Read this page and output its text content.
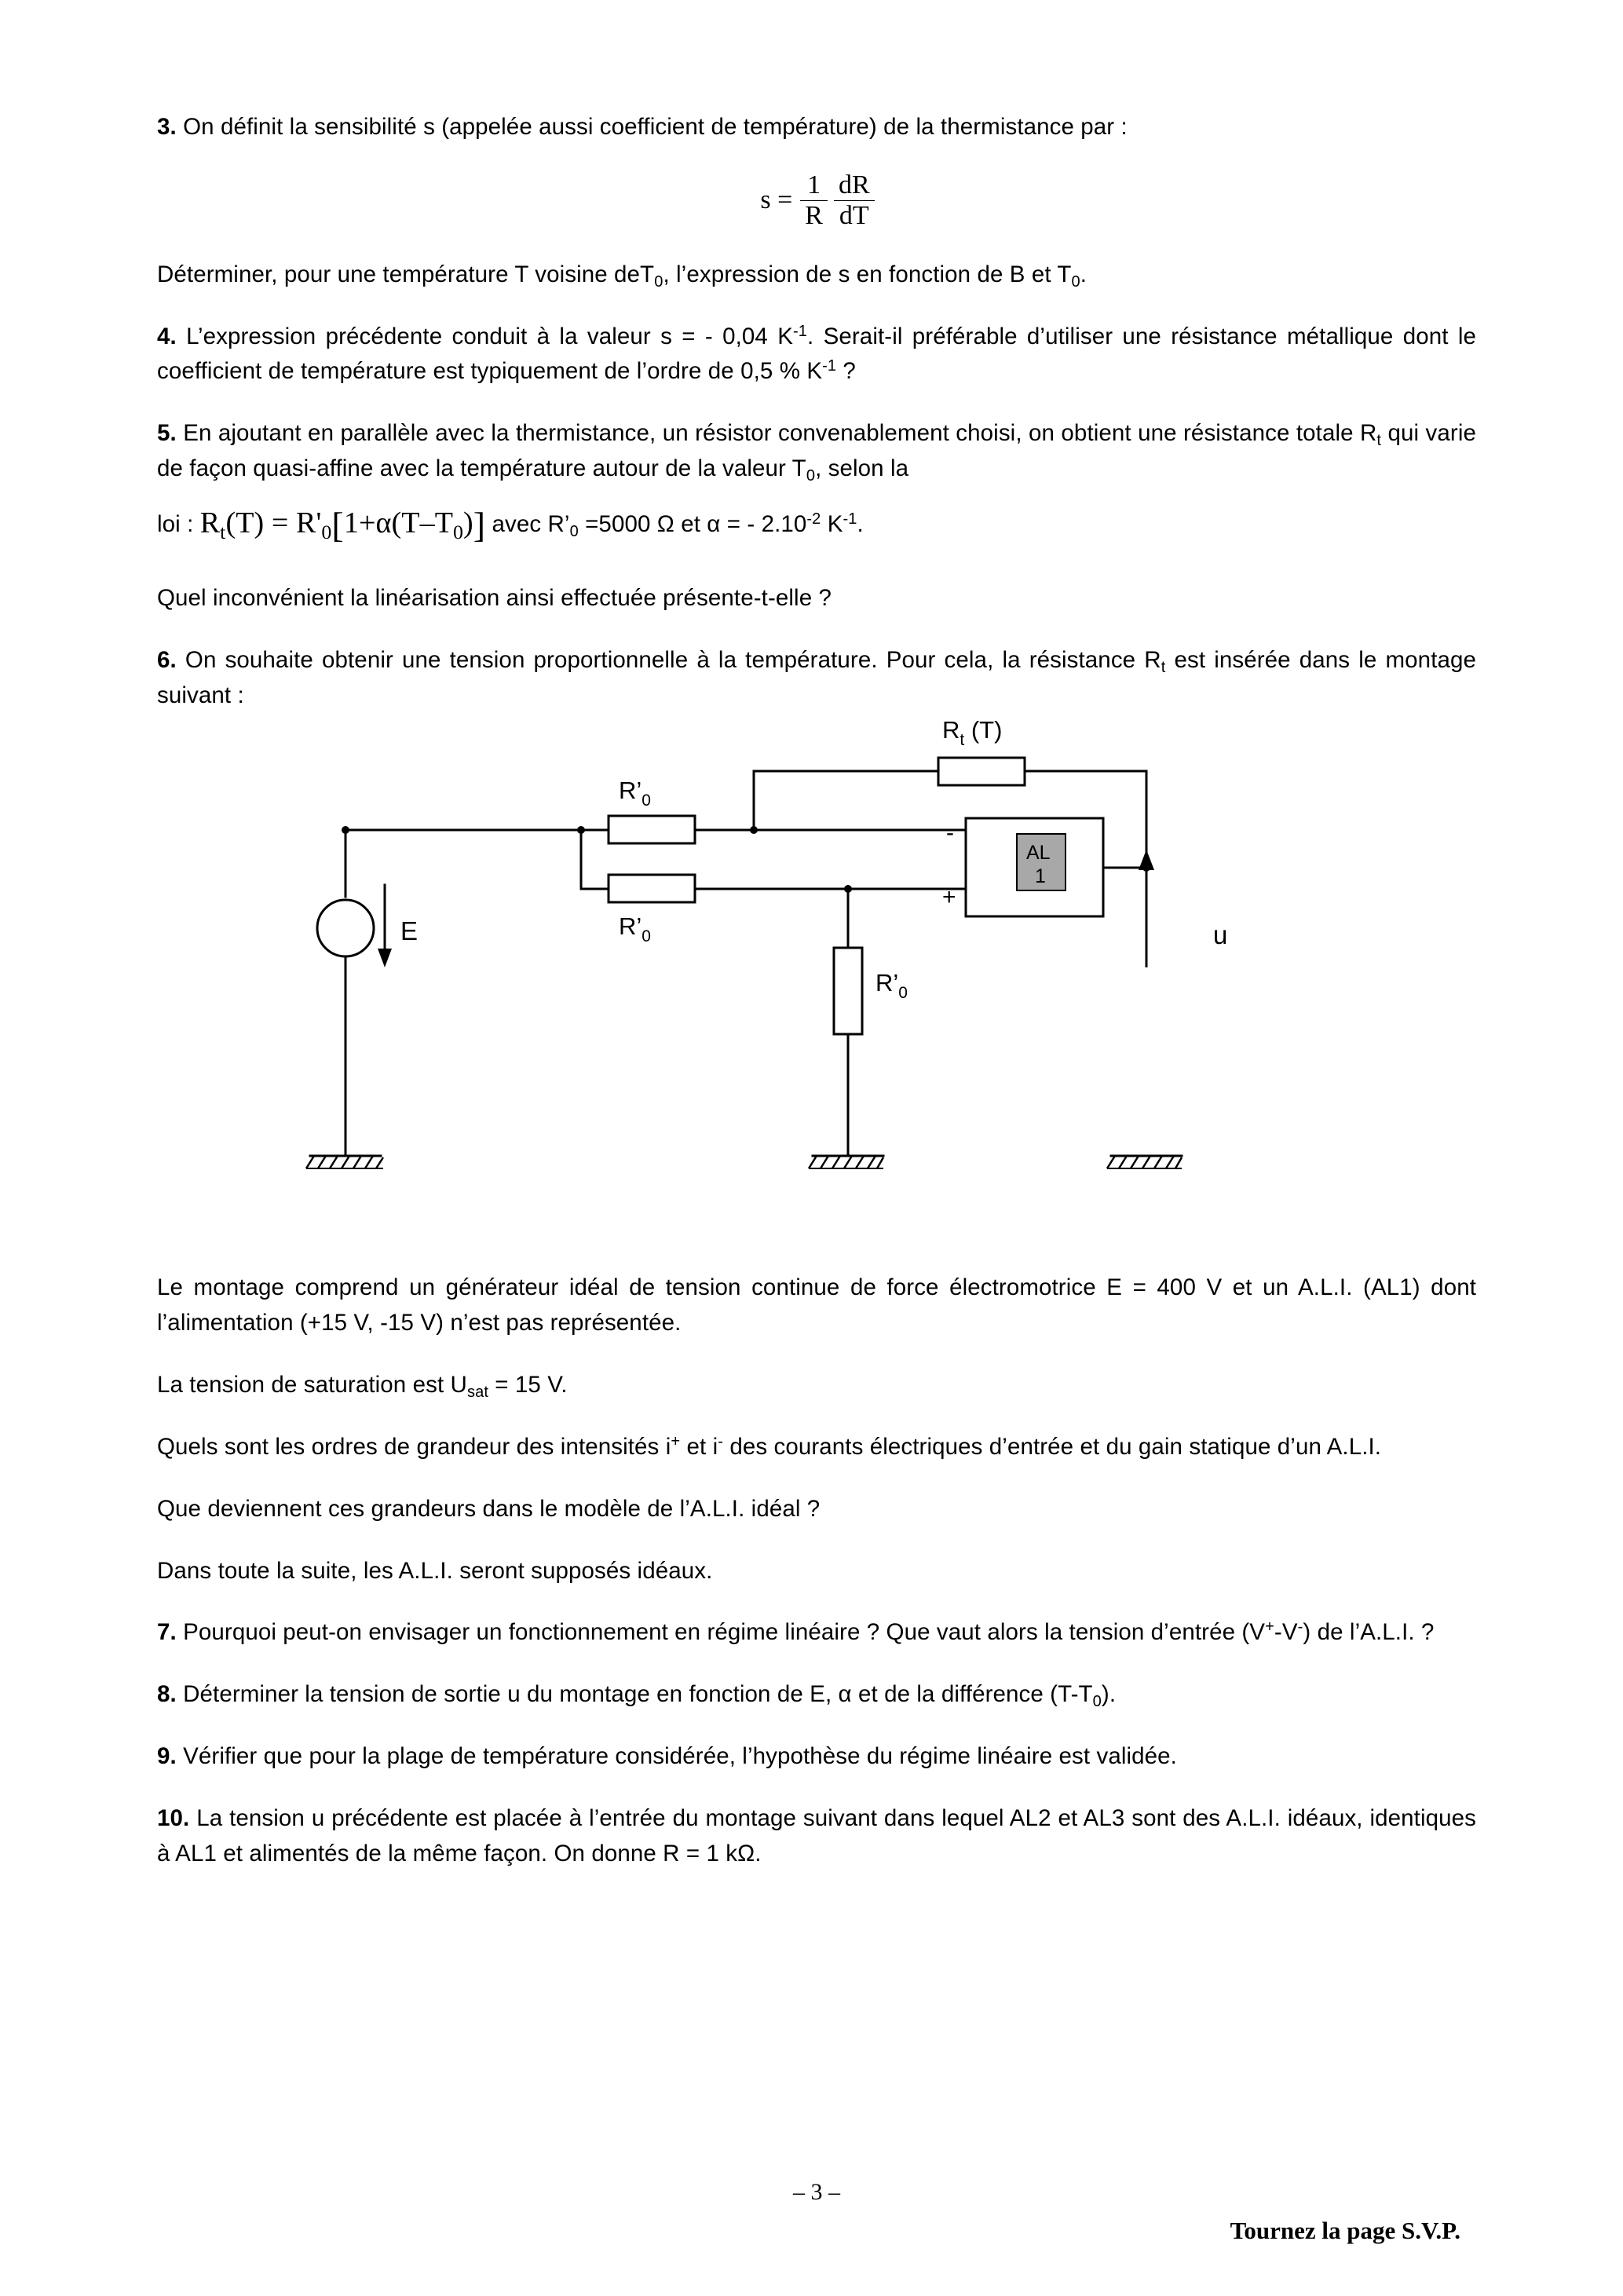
3. On définit la sensibilité s (appelée aussi coefficient de température) de la thermistance par :

$s = \frac{1}{R} \frac{dR}{dT}$

Déterminer, pour une température T voisine deT$_0$, l’expression de s en fonction de B et $T_0$.

4. L’expression précédente conduit à la valeur s = - 0,04 $K^{-1}$. Serait-il préférable d’utiliser une résistance métallique dont le coefficient de température est typiquement de l’ordre de 0,5 % $K^{-1}$ ?

5. En ajoutant en parallèle avec la thermistance, un résistor convenablement choisi, on obtient une résistance totale $R_t$ qui varie de façon quasi-affine avec la température autour de la valeur $T_0$, selon la

loi : $R_t(T) = R'_0[1+\alpha(T-T_0)]$ avec $R’_0 =5000$ Ω et α = - $2.10^{-2}$ $K^{-1}$.

Quel inconvénient la linéarisation ainsi effectuée présente-t-elle ?

6. On souhaite obtenir une tension proportionnelle à la température. Pour cela, la résistance $R_t$ est insérée dans le montage suivant :

$R_t$ (T)
$R’_0$
$R’_0$
$R’_0$
E	u
-
+
AL
1

Le montage comprend un générateur idéal de tension continue de force électromotrice E = 400 V et un A.L.I. (AL1) dont l’alimentation (+15 V, -15 V) n’est pas représentée.

La tension de saturation est $U_{sat} = 15$ V.

Quels sont les ordres de grandeur des intensités i+ et i- des courants électriques d’entrée et du gain statique d’un A.L.I.

Que deviennent ces grandeurs dans le modèle de l’A.L.I. idéal ?

Dans toute la suite, les A.L.I. seront supposés idéaux.

7. Pourquoi peut-on envisager un fonctionnement en régime linéaire ? Que vaut alors la tension d’entrée (V+-V-) de l’A.L.I. ?

8. Déterminer la tension de sortie u du montage en fonction de E, α et de la différence $(T-T_0)$.

9. Vérifier que pour la plage de température considérée, l’hypothèse du régime linéaire est validée.

10. La tension u précédente est placée à l’entrée du montage suivant dans lequel AL2 et AL3 sont des A.L.I. idéaux, identiques à AL1 et alimentés de la même façon. On donne R = 1 kΩ.

– 3 –
Tournez la page S.V.P.
